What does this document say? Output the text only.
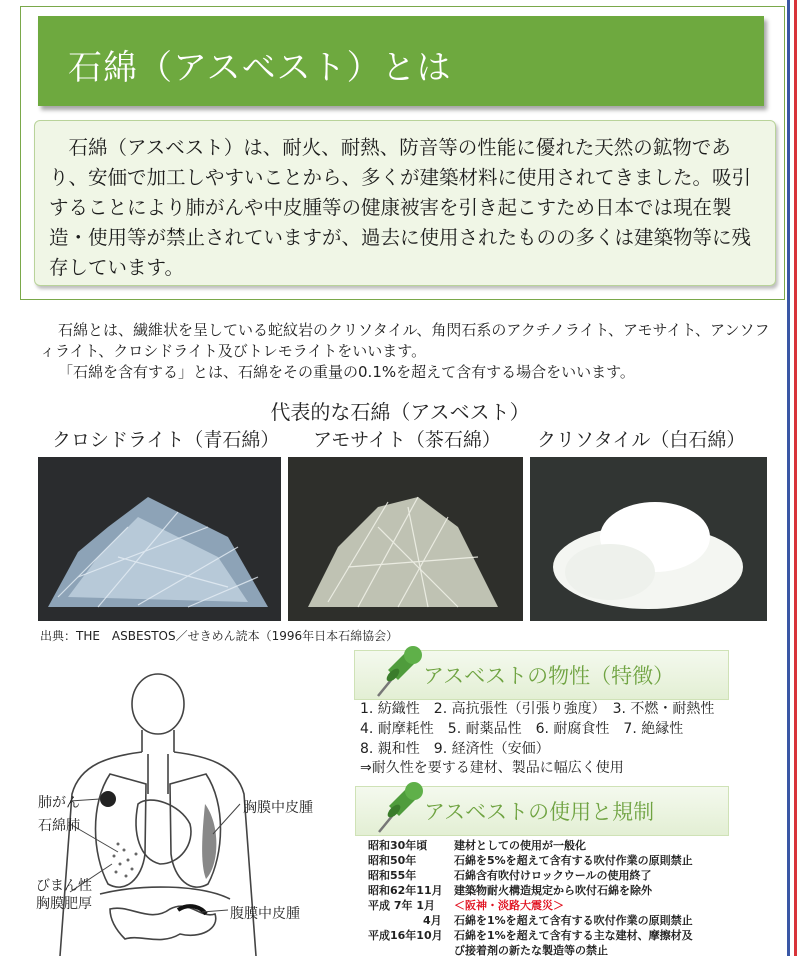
石綿（アスベスト）とは

石綿（アスベスト）は、耐火、耐熱、防音等の性能に優れた天然の鉱物であり、安価で加工しやすいことから、多くが建築材料に使用されてきました。吸引することにより肺がんや中皮腫等の健康被害を引き起こすため日本では現在製造・使用等が禁止されていますが、過去に使用されたものの多くは建築物等に残存しています。

石綿とは、繊維状を呈している蛇紋岩のクリソタイル、角閃石系のアクチノライト、アモサイト、アンソフィライト、クロシドライト及びトレモライトをいいます。
「石綿を含有する」とは、石綿をその重量の0.1%を超えて含有する場合をいいます。
代表的な石綿（アスベスト）
クロシドライト（青石綿） アモサイト（茶石綿） クリソタイル（白石綿）
出典：THE　ASBESTOS／せきめん読本（1996年日本石綿協会）
アスベストの物性（特徴）
1. 紡織性　2. 高抗張性（引張り強度）　3. 不燃・耐熱性
4. 耐摩耗性　5. 耐薬品性　6. 耐腐食性　7. 絶縁性
8. 親和性　9. 経済性（安価）
⇒耐久性を要する建材、製品に幅広く使用
アスベストの使用と規制
昭和30年頃 建材としての使用が一般化
昭和50年	石綿を5%を超えて含有する吹付作業の原則禁止
昭和55年	石綿含有吹付けロックウールの使用終了
昭和62年11月 建築物耐火構造規定から吹付石綿を除外
平成 7年 1月 ＜阪神・淡路大震災＞
　　　　　4月 石綿を1%を超えて含有する吹付作業の原則禁止
平成16年10月 石綿を1%を超えて含有する主な建材、摩擦材及
び接着剤の新たな製造等の禁止
肺がん
石綿肺
胸膜中皮腫
びまん性
胸膜肥厚
腹膜中皮腫
